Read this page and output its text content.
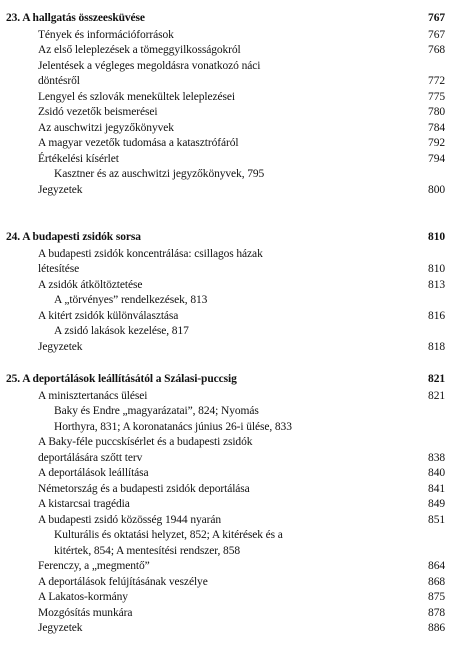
23. A hallgatás összeesküvése	767
Tények és információforrások	767
Az első leleplezések a tömeggyilkosságokról	768
Jelentések a végleges megoldásra vonatkozó náci
döntésről	772
Lengyel és szlovák menekültek leleplezései	775
Zsidó vezetők beismerései	780
Az auschwitzi jegyzőkönyvek	784
A magyar vezetők tudomása a katasztrófáról	792
Értékelési kísérlet	794
Kasztner és az auschwitzi jegyzőkönyvek, 795
Jegyzetek	800
24. A budapesti zsidók sorsa	810
A budapesti zsidók koncentrálása: csillagos házak
létesítése	810
A zsidók átköltöztetése	813
A „törvényes” rendelkezések, 813
A kitért zsidók különválasztása	816
A zsidó lakások kezelése, 817
Jegyzetek	818
25. A deportálások leállításától a Szálasi-puccsig	821
A minisztertanács ülései	821
Baky és Endre „magyarázatai”, 824; Nyomás
Horthyra, 831; A koronatanács június 26-i ülése, 833
A Baky-féle puccskísérlet és a budapesti zsidók
deportálására szőtt terv	838
A deportálások leállítása	840
Németország és a budapesti zsidók deportálása	841
A kistarcsai tragédia	849
A budapesti zsidó közösség 1944 nyarán	851
Kulturális és oktatási helyzet, 852; A kitérések és a
kitértek, 854; A mentesítési rendszer, 858
Ferenczy, a „megmentő”	864
A deportálások felújításának veszélye	868
A Lakatos-kormány	875
Mozgósítás munkára	878
Jegyzetek	886
